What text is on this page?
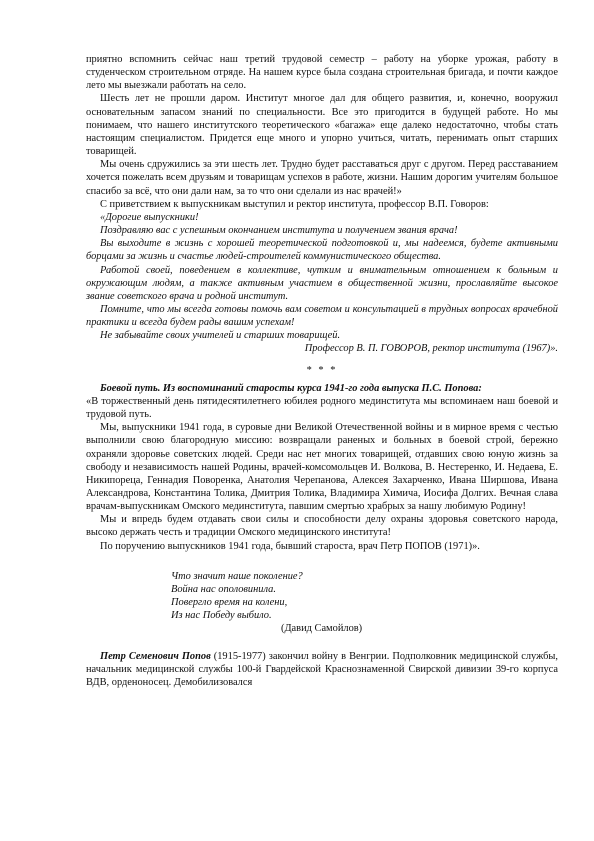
приятно вспомнить сейчас наш третий трудовой семестр – работу на уборке урожая, работу в студенческом строительном отряде. На нашем курсе была создана строительная бригада, и почти каждое лето мы выезжали работать на село.

Шесть лет не прошли даром. Институт многое дал для общего развития, и, конечно, вооружил основательным запасом знаний по специальности. Все это пригодится в будущей работе. Но мы понимаем, что нашего институтского теоретического «багажа» еще далеко недостаточно, чтобы стать настоящим специалистом. Придется еще много и упорно учиться, читать, перенимать опыт старших товарищей.

Мы очень сдружились за эти шесть лет. Трудно будет расставаться друг с другом. Перед расставанием хочется пожелать всем друзьям и товарищам успехов в работе, жизни. Нашим дорогим учителям большое спасибо за всё, что они дали нам, за то что они сделали из нас врачей!»

С приветствием к выпускникам выступил и ректор института, профессор В.П. Говоров:

«Дорогие выпускники!

Поздравляю вас с успешным окончанием института и получением звания врача!

Вы выходите в жизнь с хорошей теоретической подготовкой и, мы надеемся, будете активными борцами за жизнь и счастье людей-строителей коммунистического общества.

Работой своей, поведением в коллективе, чутким и внимательным отношением к больным и окружающим людям, а также активным участием в общественной жизни, прославляйте высокое звание советского врача и родной институт.

Помните, что мы всегда готовы помочь вам советом и консультацией в трудных вопросах врачебной практики и всегда будем рады вашим успехам!

Не забывайте своих учителей и старших товарищей.

Профессор В. П. ГОВОРОВ, ректор института (1967)».

* * *

Боевой путь. Из воспоминаний старосты курса 1941-го года выпуска П.С. Попова:

«В торжественный день пятидесятилетнего юбилея родного мединститута мы вспоминаем наш боевой и трудовой путь.

Мы, выпускники 1941 года, в суровые дни Великой Отечественной войны и в мирное время с честью выполнили свою благородную миссию: возвращали раненых и больных в боевой строй, бережно охраняли здоровье советских людей. Среди нас нет многих товарищей, отдавших свою юную жизнь за свободу и независимость нашей Родины, врачей-комсомольцев И. Волкова, В. Нестеренко, И. Недаева, Е. Никипореца, Геннадия Поворенка, Анатолия Черепанова, Алексея Захарченко, Ивана Ширшова, Ивана Александрова, Константина Толика, Дмитрия Толика, Владимира Химича, Иосифа Долгих. Вечная слава врачам-выпускникам Омского мединститута, павшим смертью храбрых за нашу любимую Родину!

Мы и впредь будем отдавать свои силы и способности делу охраны здоровья советского народа, высоко держать честь и традиции Омского медицинского института!

По поручению выпускников 1941 года, бывший староста, врач Петр ПОПОВ (1971)».

Что значит наше поколение?
Война нас ополовинила.
Повергло время на колени,
Из нас Победу выбило.
(Давид Самойлов)

Петр Семенович Попов (1915-1977) закончил войну в Венгрии. Подполковник медицинской службы, начальник медицинской службы 100-й Гвардейской Краснознаменной Свирской дивизии 39-го корпуса ВДВ, орденоносец. Демобилизовался
